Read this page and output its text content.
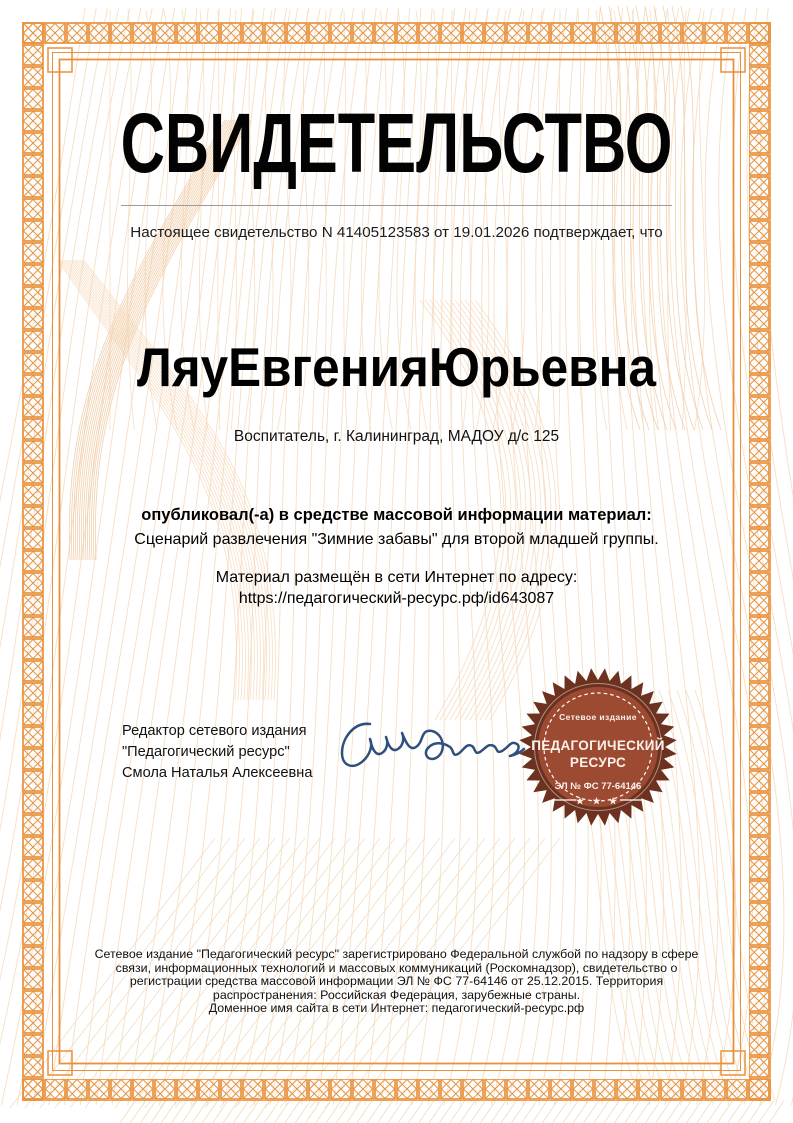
Сетевое издание
ПЕДАГОГИЧЕСКИЙ
РЕСУРС
ЭЛ № ФС 77-64146
★ ★ ★
СВИДЕТЕЛЬСТВО
Настоящее свидетельство N 41405123583 от 19.01.2026 подтверждает, что
ЛяуЕвгенияЮрьевна
Воспитатель, г. Калининград, МАДОУ д/с 125
опубликовал(-а) в средстве массовой информации материал:
Сценарий развлечения "Зимние забавы" для второй младшей группы.
Материал размещён в сети Интернет по адресу:
https://педагогический-ресурс.рф/id643087
Редактор сетевого издания
"Педагогический ресурс"
Смола Наталья Алексеевна
Сетевое издание "Педагогический ресурс" зарегистрировано Федеральной службой по надзору в сфере
связи, информационных технологий и массовых коммуникаций (Роскомнадзор), свидетельство о
регистрации средства массовой информации ЭЛ № ФС 77-64146 от 25.12.2015. Территория
распространения: Российская Федерация, зарубежные страны.
Доменное имя сайта в сети Интернет: педагогический-ресурс.рф
